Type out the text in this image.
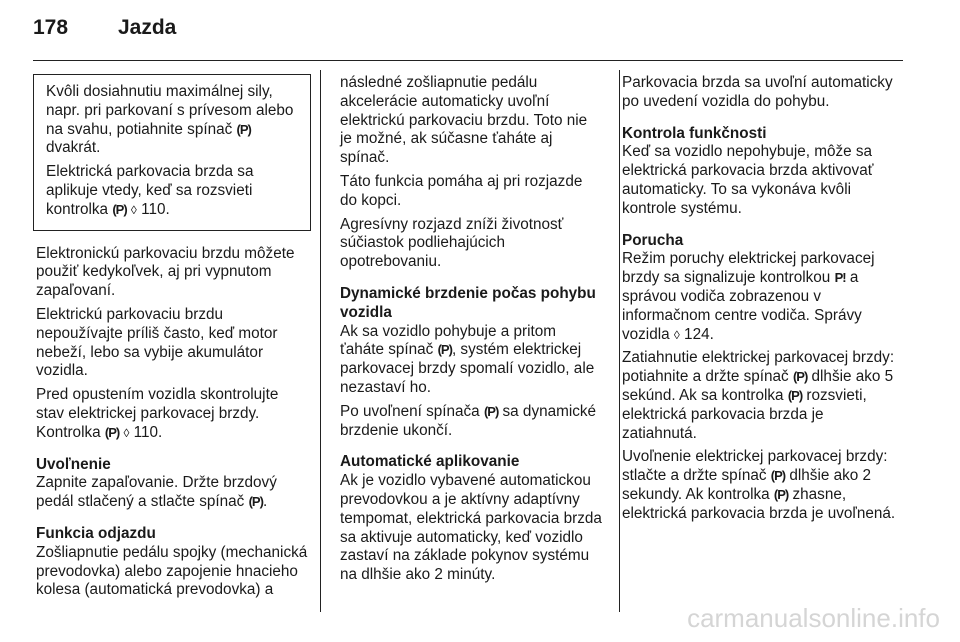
178	Jazda

Kvôli dosiahnutiu maximálnej sily, napr. pri parkovaní s prívesom alebo na svahu, potiahnite spínač (P) dvakrát.

Elektrická parkovacia brzda sa aplikuje vtedy, keď sa rozsvieti kontrolka (P) ◊ 110.

Elektronickú parkovaciu brzdu môžete použiť kedykoľvek, aj pri vypnutom zapaľovaní.

Elektrickú parkovaciu brzdu nepoužívajte príliš často, keď motor nebeží, lebo sa vybije akumulátor vozidla.

Pred opustením vozidla skontrolujte stav elektrickej parkovacej brzdy. Kontrolka (P) ◊ 110.

Uvoľnenie

Zapnite zapaľovanie. Držte brzdový pedál stlačený a stlačte spínač (P).

Funkcia odjazdu

Zošliapnutie pedálu spojky (mechanická prevodovka) alebo zapojenie hnacieho kolesa (automatická prevodovka) a

následné zošliapnutie pedálu akcelerácie automaticky uvoľní elektrickú parkovaciu brzdu. Toto nie je možné, ak súčasne ťaháte aj spínač.

Táto funkcia pomáha aj pri rozjazde do kopci.

Agresívny rozjazd zníži životnosť súčiastok podliehajúcich opotrebovaniu.

Dynamické brzdenie počas pohybu vozidla

Ak sa vozidlo pohybuje a pritom ťaháte spínač (P), systém elektrickej parkovacej brzdy spomalí vozidlo, ale nezastaví ho.

Po uvoľnení spínača (P) sa dynamické brzdenie ukončí.

Automatické aplikovanie

Ak je vozidlo vybavené automatickou prevodovkou a je aktívny adaptívny tempomat, elektrická parkovacia brzda sa aktivuje automaticky, keď vozidlo zastaví na základe pokynov systému na dlhšie ako 2 minúty.

Parkovacia brzda sa uvoľní automaticky po uvedení vozidla do pohybu.

Kontrola funkčnosti

Keď sa vozidlo nepohybuje, môže sa elektrická parkovacia brzda aktivovať automaticky. To sa vykonáva kvôli kontrole systému.

Porucha

Režim poruchy elektrickej parkovacej brzdy sa signalizuje kontrolkou P! a správou vodiča zobrazenou v informačnom centre vodiča. Správy vozidla ◊ 124.

Zatiahnutie elektrickej parkovacej brzdy: potiahnite a držte spínač (P) dlhšie ako 5 sekúnd. Ak sa kontrolka (P) rozsvieti, elektrická parkovacia brzda je zatiahnutá.

Uvoľnenie elektrickej parkovacej brzdy: stlačte a držte spínač (P) dlhšie ako 2 sekundy. Ak kontrolka (P) zhasne, elektrická parkovacia brzda je uvoľnená.

carmanualsonline.info
